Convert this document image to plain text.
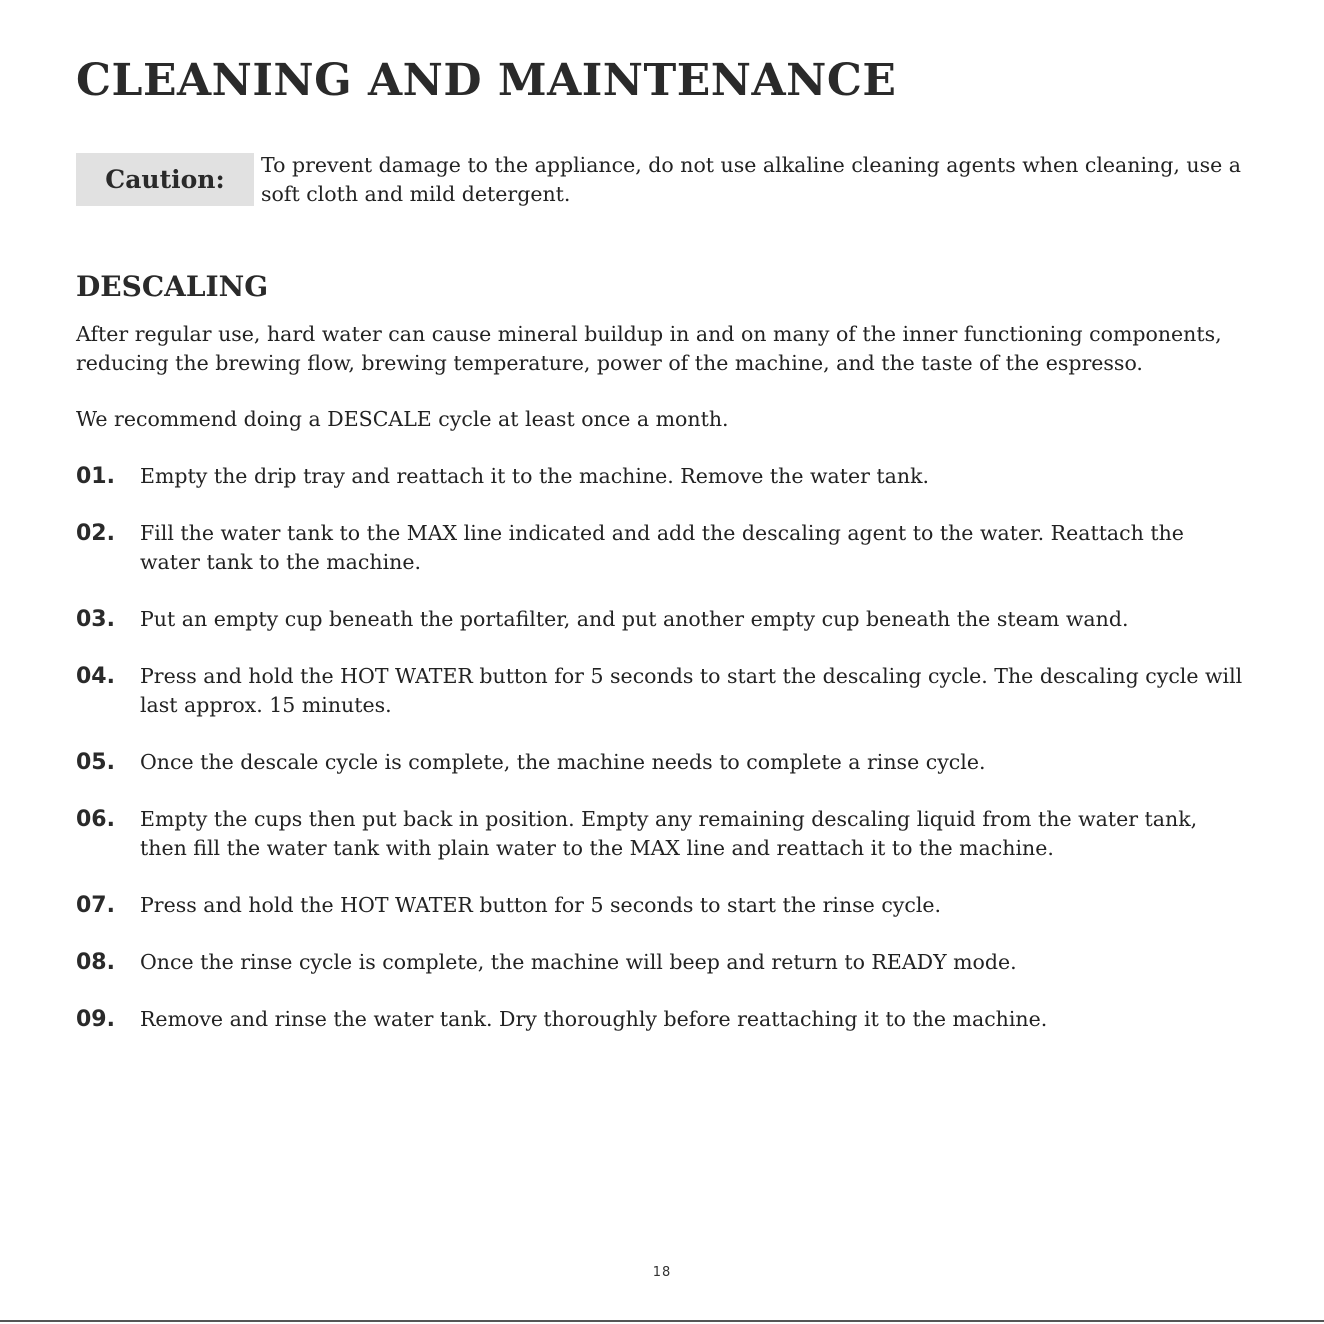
CLEANING AND MAINTENANCE
Caution:	To prevent damage to the appliance, do not use alkaline cleaning agents when cleaning, use a soft cloth and mild detergent.

DESCALING

After regular use, hard water can cause mineral buildup in and on many of the inner functioning components, reducing the brewing flow, brewing temperature, power of the machine, and the taste of the espresso.

We recommend doing a DESCALE cycle at least once a month.

01.	Empty the drip tray and reattach it to the machine. Remove the water tank.
02.	Fill the water tank to the MAX line indicated and add the descaling agent to the water. Reattach the water tank to the machine.
03.	Put an empty cup beneath the portafilter, and put another empty cup beneath the steam wand.
04.	Press and hold the HOT WATER button for 5 seconds to start the descaling cycle. The descaling cycle will last approx. 15 minutes.
05.	Once the descale cycle is complete, the machine needs to complete a rinse cycle.
06.	Empty the cups then put back in position. Empty any remaining descaling liquid from the water tank, then fill the water tank with plain water to the MAX line and reattach it to the machine.
07.	Press and hold the HOT WATER button for 5 seconds to start the rinse cycle.
08.	Once the rinse cycle is complete, the machine will beep and return to READY mode.
09.	Remove and rinse the water tank. Dry thoroughly before reattaching it to the machine.
18
